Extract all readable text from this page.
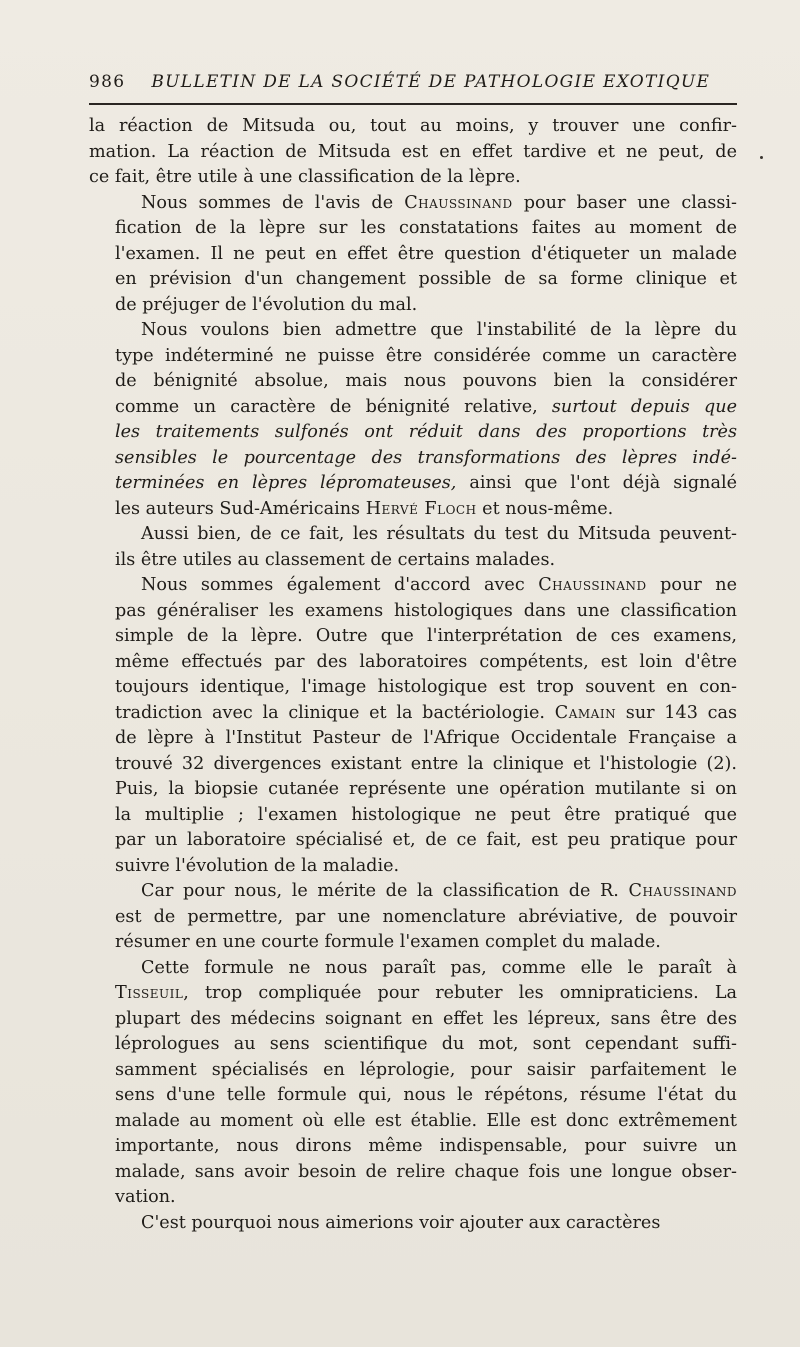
986 BULLETIN DE LA SOCIÉTÉ DE PATHOLOGIE EXOTIQUE

la réaction de Mitsuda ou, tout au moins, y trouver une confir-
mation. La réaction de Mitsuda est en effet tardive et ne peut, de
ce fait, être utile à une classification de la lèpre.

Nous sommes de l'avis de Chaussinand pour baser une classi-
fication de la lèpre sur les constatations faites au moment de
l'examen. Il ne peut en effet être question d'étiqueter un malade
en prévision d'un changement possible de sa forme clinique et
de préjuger de l'évolution du mal.

Nous voulons bien admettre que l'instabilité de la lèpre du
type indéterminé ne puisse être considérée comme un caractère
de bénignité absolue, mais nous pouvons bien la considérer
comme un caractère de bénignité relative, surtout depuis que
les traitements sulfonés ont réduit dans des proportions très
sensibles le pourcentage des transformations des lèpres indé-
terminées en lèpres lépromateuses, ainsi que l'ont déjà signalé
les auteurs Sud-Américains Hervé Floch et nous-même.

Aussi bien, de ce fait, les résultats du test du Mitsuda peuvent-
ils être utiles au classement de certains malades.

Nous sommes également d'accord avec Chaussinand pour ne
pas généraliser les examens histologiques dans une classification
simple de la lèpre. Outre que l'interprétation de ces examens,
même effectués par des laboratoires compétents, est loin d'être
toujours identique, l'image histologique est trop souvent en con-
tradiction avec la clinique et la bactériologie. Camain sur 143 cas
de lèpre à l'Institut Pasteur de l'Afrique Occidentale Française a
trouvé 32 divergences existant entre la clinique et l'histologie (2).
Puis, la biopsie cutanée représente une opération mutilante si on
la multiplie ; l'examen histologique ne peut être pratiqué que
par un laboratoire spécialisé et, de ce fait, est peu pratique pour
suivre l'évolution de la maladie.

Car pour nous, le mérite de la classification de R. Chaussinand
est de permettre, par une nomenclature abréviative, de pouvoir
résumer en une courte formule l'examen complet du malade.

Cette formule ne nous paraît pas, comme elle le paraît à
Tisseuil, trop compliquée pour rebuter les omnipraticiens. La
plupart des médecins soignant en effet les lépreux, sans être des
léprologues au sens scientifique du mot, sont cependant suffi-
samment spécialisés en léprologie, pour saisir parfaitement le
sens d'une telle formule qui, nous le répétons, résume l'état du
malade au moment où elle est établie. Elle est donc extrêmement
importante, nous dirons même indispensable, pour suivre un
malade, sans avoir besoin de relire chaque fois une longue obser-
vation.

C'est pourquoi nous aimerions voir ajouter aux caractères
